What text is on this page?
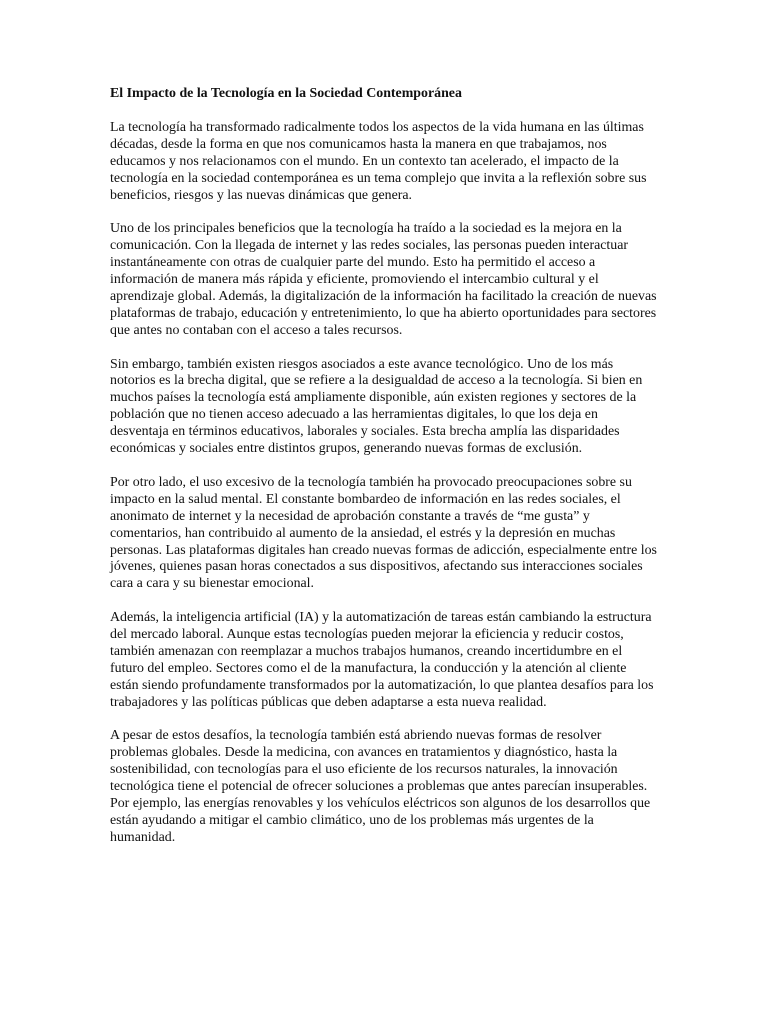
El Impacto de la Tecnología en la Sociedad Contemporánea

La tecnología ha transformado radicalmente todos los aspectos de la vida humana en las últimas décadas, desde la forma en que nos comunicamos hasta la manera en que trabajamos, nos educamos y nos relacionamos con el mundo. En un contexto tan acelerado, el impacto de la tecnología en la sociedad contemporánea es un tema complejo que invita a la reflexión sobre sus beneficios, riesgos y las nuevas dinámicas que genera.

Uno de los principales beneficios que la tecnología ha traído a la sociedad es la mejora en la comunicación. Con la llegada de internet y las redes sociales, las personas pueden interactuar instantáneamente con otras de cualquier parte del mundo. Esto ha permitido el acceso a información de manera más rápida y eficiente, promoviendo el intercambio cultural y el aprendizaje global. Además, la digitalización de la información ha facilitado la creación de nuevas plataformas de trabajo, educación y entretenimiento, lo que ha abierto oportunidades para sectores que antes no contaban con el acceso a tales recursos.

Sin embargo, también existen riesgos asociados a este avance tecnológico. Uno de los más notorios es la brecha digital, que se refiere a la desigualdad de acceso a la tecnología. Si bien en muchos países la tecnología está ampliamente disponible, aún existen regiones y sectores de la población que no tienen acceso adecuado a las herramientas digitales, lo que los deja en desventaja en términos educativos, laborales y sociales. Esta brecha amplía las disparidades económicas y sociales entre distintos grupos, generando nuevas formas de exclusión.

Por otro lado, el uso excesivo de la tecnología también ha provocado preocupaciones sobre su impacto en la salud mental. El constante bombardeo de información en las redes sociales, el anonimato de internet y la necesidad de aprobación constante a través de “me gusta” y comentarios, han contribuido al aumento de la ansiedad, el estrés y la depresión en muchas personas. Las plataformas digitales han creado nuevas formas de adicción, especialmente entre los jóvenes, quienes pasan horas conectados a sus dispositivos, afectando sus interacciones sociales cara a cara y su bienestar emocional.

Además, la inteligencia artificial (IA) y la automatización de tareas están cambiando la estructura del mercado laboral. Aunque estas tecnologías pueden mejorar la eficiencia y reducir costos, también amenazan con reemplazar a muchos trabajos humanos, creando incertidumbre en el futuro del empleo. Sectores como el de la manufactura, la conducción y la atención al cliente están siendo profundamente transformados por la automatización, lo que plantea desafíos para los trabajadores y las políticas públicas que deben adaptarse a esta nueva realidad.

A pesar de estos desafíos, la tecnología también está abriendo nuevas formas de resolver problemas globales. Desde la medicina, con avances en tratamientos y diagnóstico, hasta la sostenibilidad, con tecnologías para el uso eficiente de los recursos naturales, la innovación tecnológica tiene el potencial de ofrecer soluciones a problemas que antes parecían insuperables. Por ejemplo, las energías renovables y los vehículos eléctricos son algunos de los desarrollos que están ayudando a mitigar el cambio climático, uno de los problemas más urgentes de la humanidad.
